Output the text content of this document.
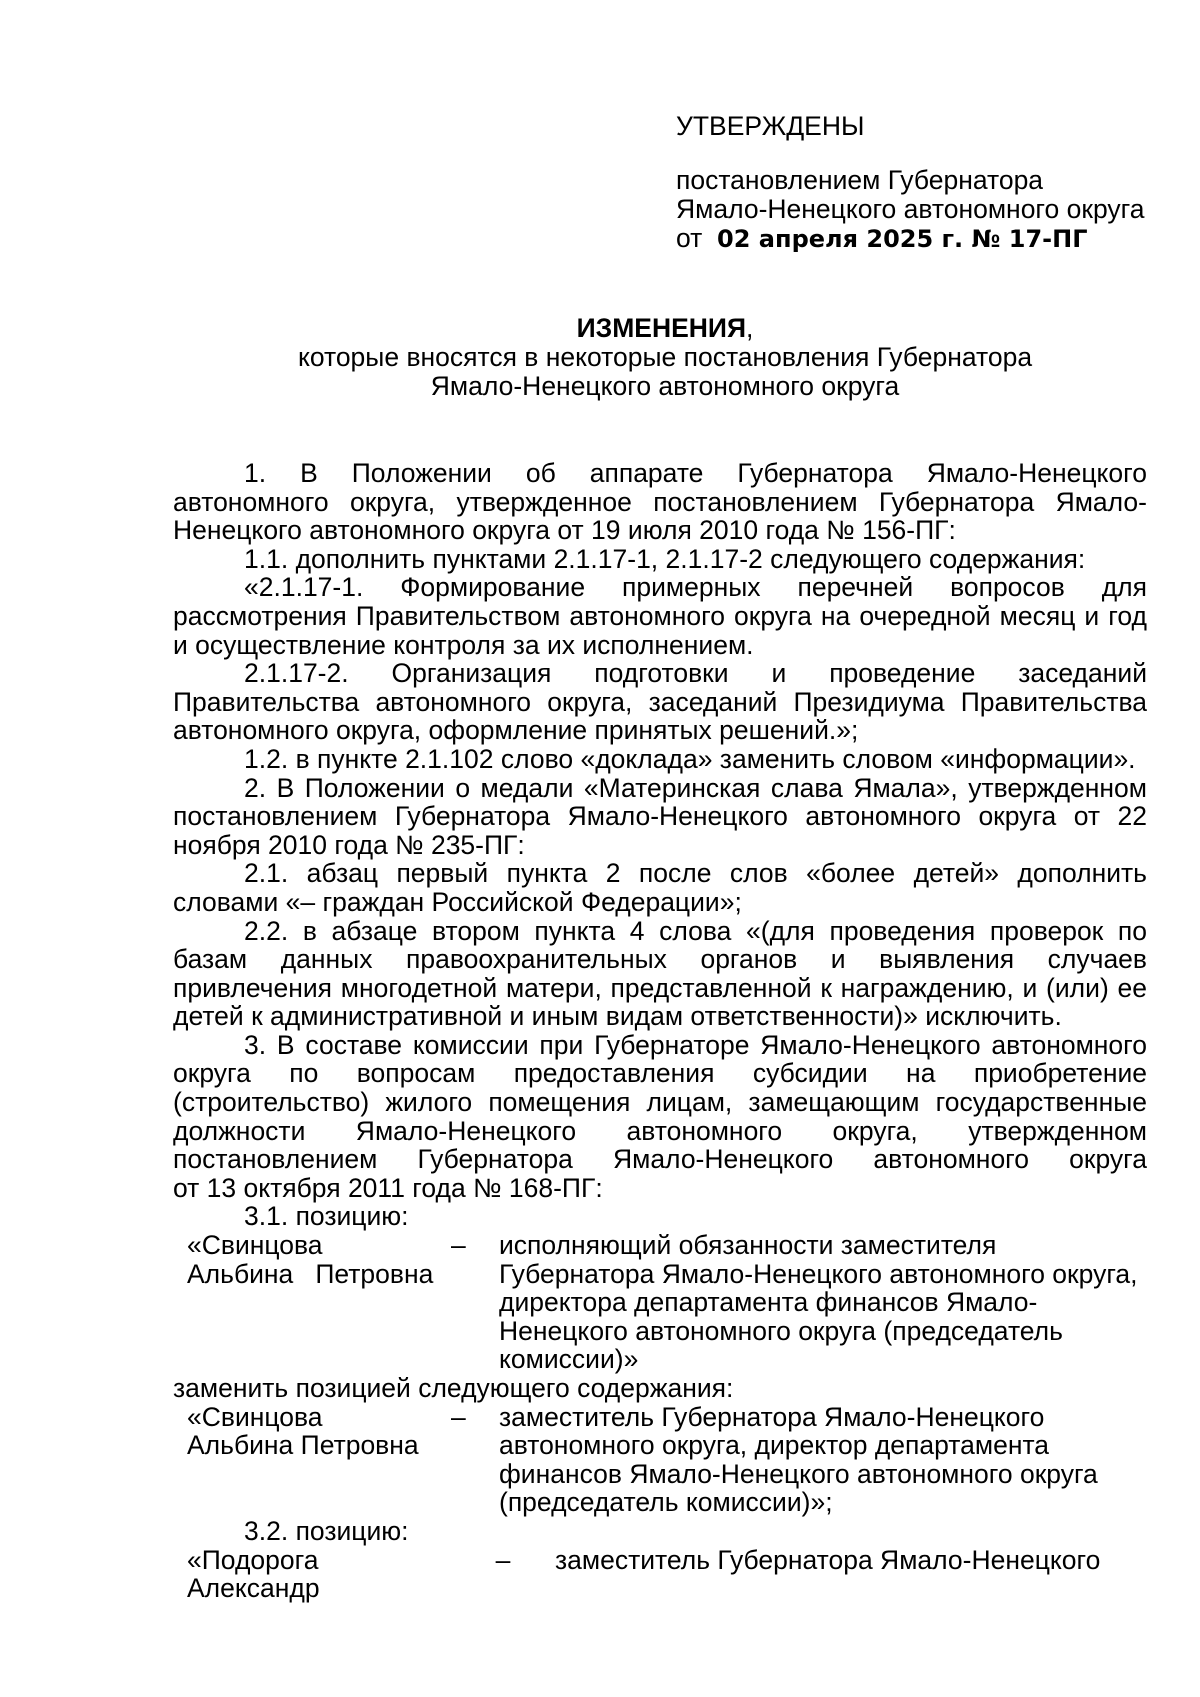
УТВЕРЖДЕНЫ
постановлением Губернатора
Ямало-Ненецкого автономного округа
от 02 апреля 2025 г. № 17-ПГ
ИЗМЕНЕНИЯ,
которые вносятся в некоторые постановления Губернатора
Ямало-Ненецкого автономного округа
1. В Положении об аппарате Губернатора Ямало-Ненецкого автономного округа, утвержденное постановлением Губернатора Ямало-Ненецкого автономного округа от 19 июля 2010 года № 156-ПГ:
1.1. дополнить пунктами 2.1.17-1, 2.1.17-2 следующего содержания:
«2.1.17-1. Формирование примерных перечней вопросов для рассмотрения Правительством автономного округа на очередной месяц и год и осуществление контроля за их исполнением.
2.1.17-2. Организация подготовки и проведение заседаний Правительства автономного округа, заседаний Президиума Правительства автономного округа, оформление принятых решений.»;
1.2. в пункте 2.1.102 слово «доклада» заменить словом «информации».
2. В Положении о медали «Материнская слава Ямала», утвержденном постановлением Губернатора Ямало-Ненецкого автономного округа от 22 ноября 2010 года № 235-ПГ:
2.1. абзац первый пункта 2 после слов «более детей» дополнить словами «– граждан Российской Федерации»;
2.2. в абзаце втором пункта 4 слова «(для проведения проверок по базам данных правоохранительных органов и выявления случаев привлечения многодетной матери, представленной к награждению, и (или) ее детей к административной и иным видам ответственности)» исключить.
3. В составе комиссии при Губернаторе Ямало-Ненецкого автономного округа по вопросам предоставления субсидии на приобретение (строительство) жилого помещения лицам, замещающим государственные должности Ямало-Ненецкого автономного округа, утвержденном
постановлением Губернатора Ямало-Ненецкого автономного округа
от 13 октября 2011 года № 168-ПГ:
3.1. позицию:
«Свинцова
Альбина   Петровна
–	исполняющий обязанности заместителя Губернатора Ямало-Ненецкого автономного округа, директора департамента финансов Ямало-Ненецкого автономного округа (председатель комиссии)»
заменить позицией следующего содержания:
«Свинцова
Альбина Петровна
–	заместитель Губернатора Ямало-Ненецкого автономного округа, директор департамента финансов Ямало-Ненецкого автономного округа (председатель комиссии)»;
3.2. позицию:
«Подорога Александр
–	заместитель Губернатора Ямало-Ненецкого
